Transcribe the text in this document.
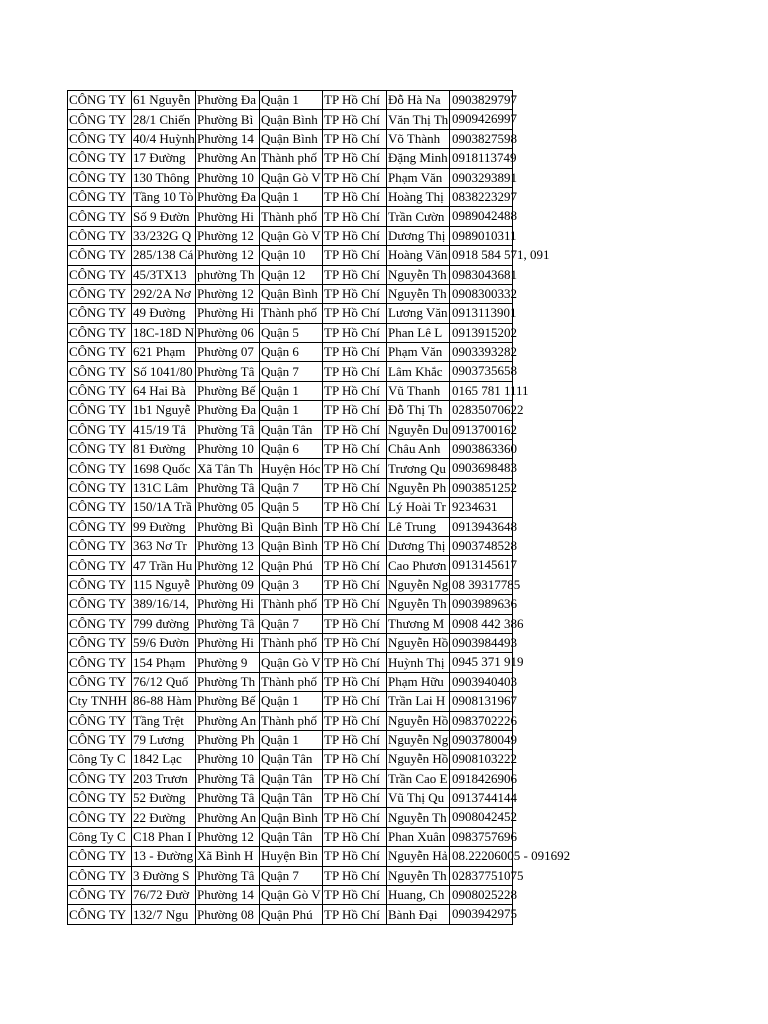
CÔNG TY	61 Nguyễn	Phường Đa	Quận 1	TP Hồ Chí	Đỗ Hà Na	0903829797

CÔNG TY	28/1 Chiến	Phường Bì	Quận Bình	TP Hồ Chí	Văn Thị Th	0909426997

CÔNG TY	40/4 Huỳnh	Phường 14	Quận Bình	TP Hồ Chí	Võ Thành	0903827598

CÔNG TY	17 Đường	Phường An	Thành phố	TP Hồ Chí	Đặng Minh	0918113749

CÔNG TY	130 Thông	Phường 10	Quận Gò V	TP Hồ Chí	Phạm Văn	0903293891

CÔNG TY	Tầng 10 Tò	Phường Đa	Quận 1	TP Hồ Chí	Hoàng Thị	0838223297

CÔNG TY	Số 9 Đườn	Phường Hi	Thành phố	TP Hồ Chí	Trần Cườn	0989042488

CÔNG TY	33/232G Q	Phường 12	Quận Gò V	TP Hồ Chí	Dương Thị	0989010311

CÔNG TY	285/138 Cá	Phường 12	Quận 10	TP Hồ Chí	Hoàng Văn	0918 584 571, 091

CÔNG TY	45/3TX13	phường Th	Quận 12	TP Hồ Chí	Nguyễn Th	0983043681

CÔNG TY	292/2A Nơ	Phường 12	Quận Bình	TP Hồ Chí	Nguyễn Th	0908300332

CÔNG TY	49 Đường	Phường Hi	Thành phố	TP Hồ Chí	Lương Văn	0913113901

CÔNG TY	18C-18D N	Phường 06	Quận 5	TP Hồ Chí	Phan Lê L	0913915202

CÔNG TY	621 Phạm	Phường 07	Quận 6	TP Hồ Chí	Phạm Văn	0903393282

CÔNG TY	Số 1041/80	Phường Tâ	Quận 7	TP Hồ Chí	Lâm Khắc	0903735658

CÔNG TY	64 Hai Bà	Phường Bế	Quận 1	TP Hồ Chí	Vũ Thanh	0165 781 1111

CÔNG TY	1b1 Nguyễ	Phường Đa	Quận 1	TP Hồ Chí	Đỗ Thị Th	02835070622

CÔNG TY	415/19 Tâ	Phường Tâ	Quận Tân	TP Hồ Chí	Nguyễn Du	0913700162

CÔNG TY	81 Đường	Phường 10	Quận 6	TP Hồ Chí	Châu Anh	0903863360

CÔNG TY	1698 Quốc	Xã Tân Th	Huyện Hóc	TP Hồ Chí	Trương Qu	0903698483

CÔNG TY	131C Lâm	Phường Tâ	Quận 7	TP Hồ Chí	Nguyễn Ph	0903851252

CÔNG TY	150/1A Trầ	Phường 05	Quận 5	TP Hồ Chí	Lý Hoài Tr	9234631

CÔNG TY	99 Đường	Phường Bì	Quận Bình	TP Hồ Chí	Lê Trung	0913943648

CÔNG TY	363 Nơ Tr	Phường 13	Quận Bình	TP Hồ Chí	Dương Thị	0903748528

CÔNG TY	47 Trần Hu	Phường 12	Quận Phú	TP Hồ Chí	Cao Phươn	0913145617

CÔNG TY	115 Nguyễ	Phường 09	Quận 3	TP Hồ Chí	Nguyễn Ng	08 39317785

CÔNG TY	389/16/14,	Phường Hi	Thành phố	TP Hồ Chí	Nguyễn Th	0903989636

CÔNG TY	799 đường	Phường Tâ	Quận 7	TP Hồ Chí	Thương M	0908 442 386

CÔNG TY	59/6 Đườn	Phường Hi	Thành phố	TP Hồ Chí	Nguyễn Hồ	0903984493

CÔNG TY	154 Phạm	Phường 9	Quận Gò V	TP Hồ Chí	Huỳnh Thị	0945 371 919

CÔNG TY	76/12 Quố	Phường Th	Thành phố	TP Hồ Chí	Phạm Hữu	0903940403

Cty TNHH	86-88 Hàm	Phường Bế	Quận 1	TP Hồ Chí	Trần Lai H	0908131967

CÔNG TY	Tầng Trệt	Phường An	Thành phố	TP Hồ Chí	Nguyễn Hồ	0983702226

CÔNG TY	79 Lương	Phường Ph	Quận 1	TP Hồ Chí	Nguyễn Ng	0903780049

Công Ty C	1842 Lạc	Phường 10	Quận Tân	TP Hồ Chí	Nguyễn Hồ	0908103222

CÔNG TY	203 Trươn	Phường Tâ	Quận Tân	TP Hồ Chí	Trần Cao E	0918426906

CÔNG TY	52 Đường	Phường Tâ	Quận Tân	TP Hồ Chí	Vũ Thị Qu	0913744144

CÔNG TY	22 Đường	Phường An	Quận Bình	TP Hồ Chí	Nguyễn Th	0908042452

Công Ty C	C18 Phan I	Phường 12	Quận Tân	TP Hồ Chí	Phan Xuân	0983757696

CÔNG TY	13 - Đường	Xã Bình H	Huyện Bìn	TP Hồ Chí	Nguyễn Hả	08.22206005 - 091692

CÔNG TY	3 Đường S	Phường Tâ	Quận 7	TP Hồ Chí	Nguyễn Th	02837751075

CÔNG TY	76/72 Đườ	Phường 14	Quận Gò V	TP Hồ Chí	Huang, Ch	0908025228

CÔNG TY	132/7 Ngu	Phường 08	Quận Phú	TP Hồ Chí	Bành Đại	0903942975
